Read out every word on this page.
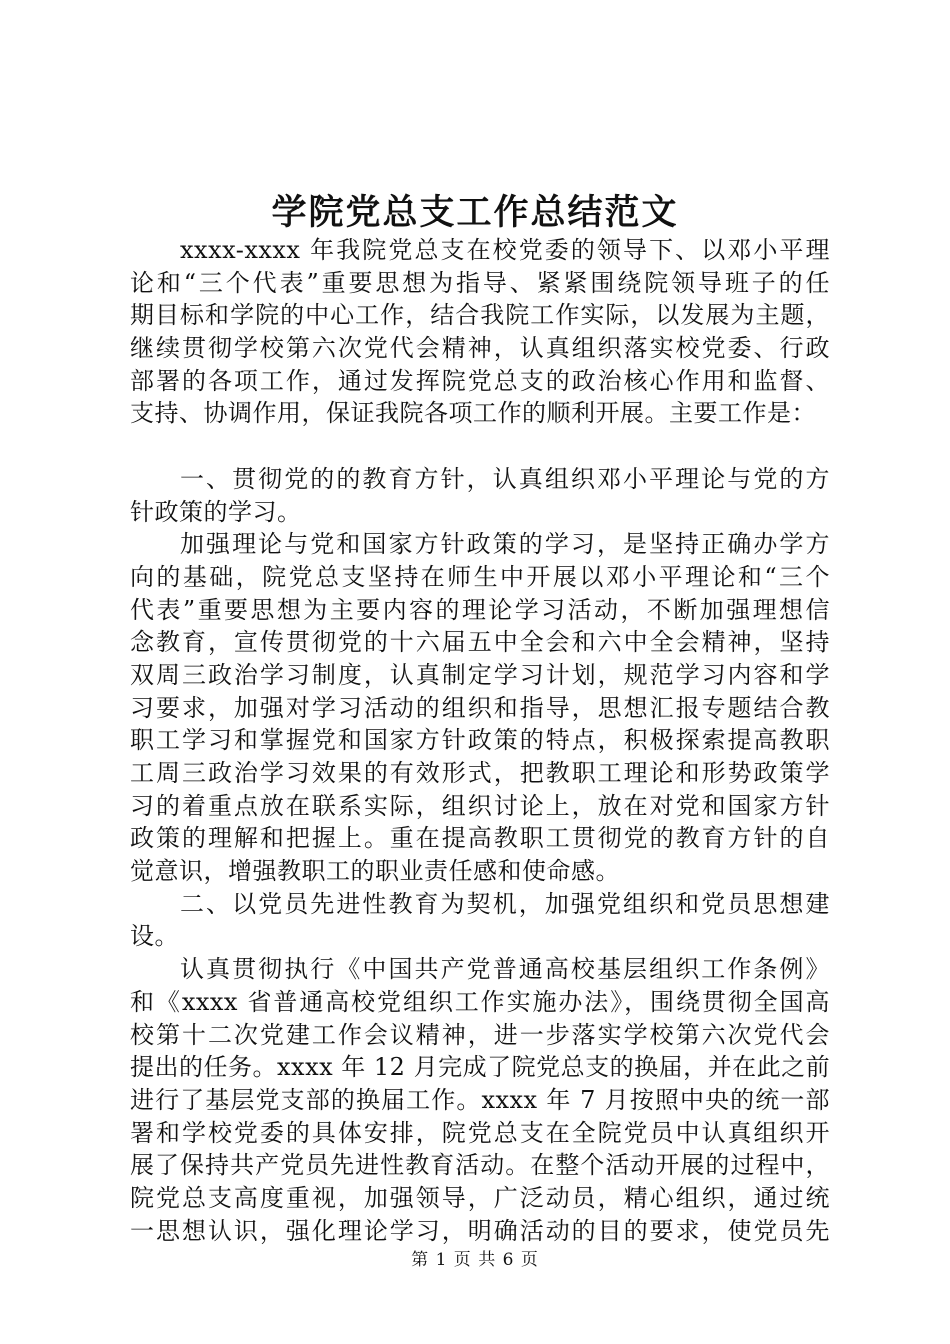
学院党总支工作总结范文
xxxx-xxxx 年我院党总支在校党委的领导下、以邓小平理
论和“三个代表”重要思想为指导、紧紧围绕院领导班子的任
期目标和学院的中心工作，结合我院工作实际，以发展为主题，
继续贯彻学校第六次党代会精神，认真组织落实校党委、行政
部署的各项工作，通过发挥院党总支的政治核心作用和监督、
支持、协调作用，保证我院各项工作的顺利开展。主要工作是：
一、贯彻党的的教育方针，认真组织邓小平理论与党的方
针政策的学习。
加强理论与党和国家方针政策的学习，是坚持正确办学方
向的基础，院党总支坚持在师生中开展以邓小平理论和“三个
代表”重要思想为主要内容的理论学习活动，不断加强理想信
念教育，宣传贯彻党的十六届五中全会和六中全会精神，坚持
双周三政治学习制度，认真制定学习计划，规范学习内容和学
习要求，加强对学习活动的组织和指导，思想汇报专题结合教
职工学习和掌握党和国家方针政策的特点，积极探索提高教职
工周三政治学习效果的有效形式，把教职工理论和形势政策学
习的着重点放在联系实际，组织讨论上，放在对党和国家方针
政策的理解和把握上。重在提高教职工贯彻党的教育方针的自
觉意识，增强教职工的职业责任感和使命感。
二、以党员先进性教育为契机，加强党组织和党员思想建
设。
认真贯彻执行《中国共产党普通高校基层组织工作条例》
和《xxxx 省普通高校党组织工作实施办法》，围绕贯彻全国高
校第十二次党建工作会议精神，进一步落实学校第六次党代会
提出的任务。xxxx 年 12 月完成了院党总支的换届，并在此之前
进行了基层党支部的换届工作。xxxx 年 7 月按照中央的统一部
署和学校党委的具体安排，院党总支在全院党员中认真组织开
展了保持共产党员先进性教育活动。在整个活动开展的过程中，
院党总支高度重视，加强领导，广泛动员，精心组织，通过统
一思想认识，强化理论学习，明确活动的目的要求，使党员先
第 1 页 共 6 页
